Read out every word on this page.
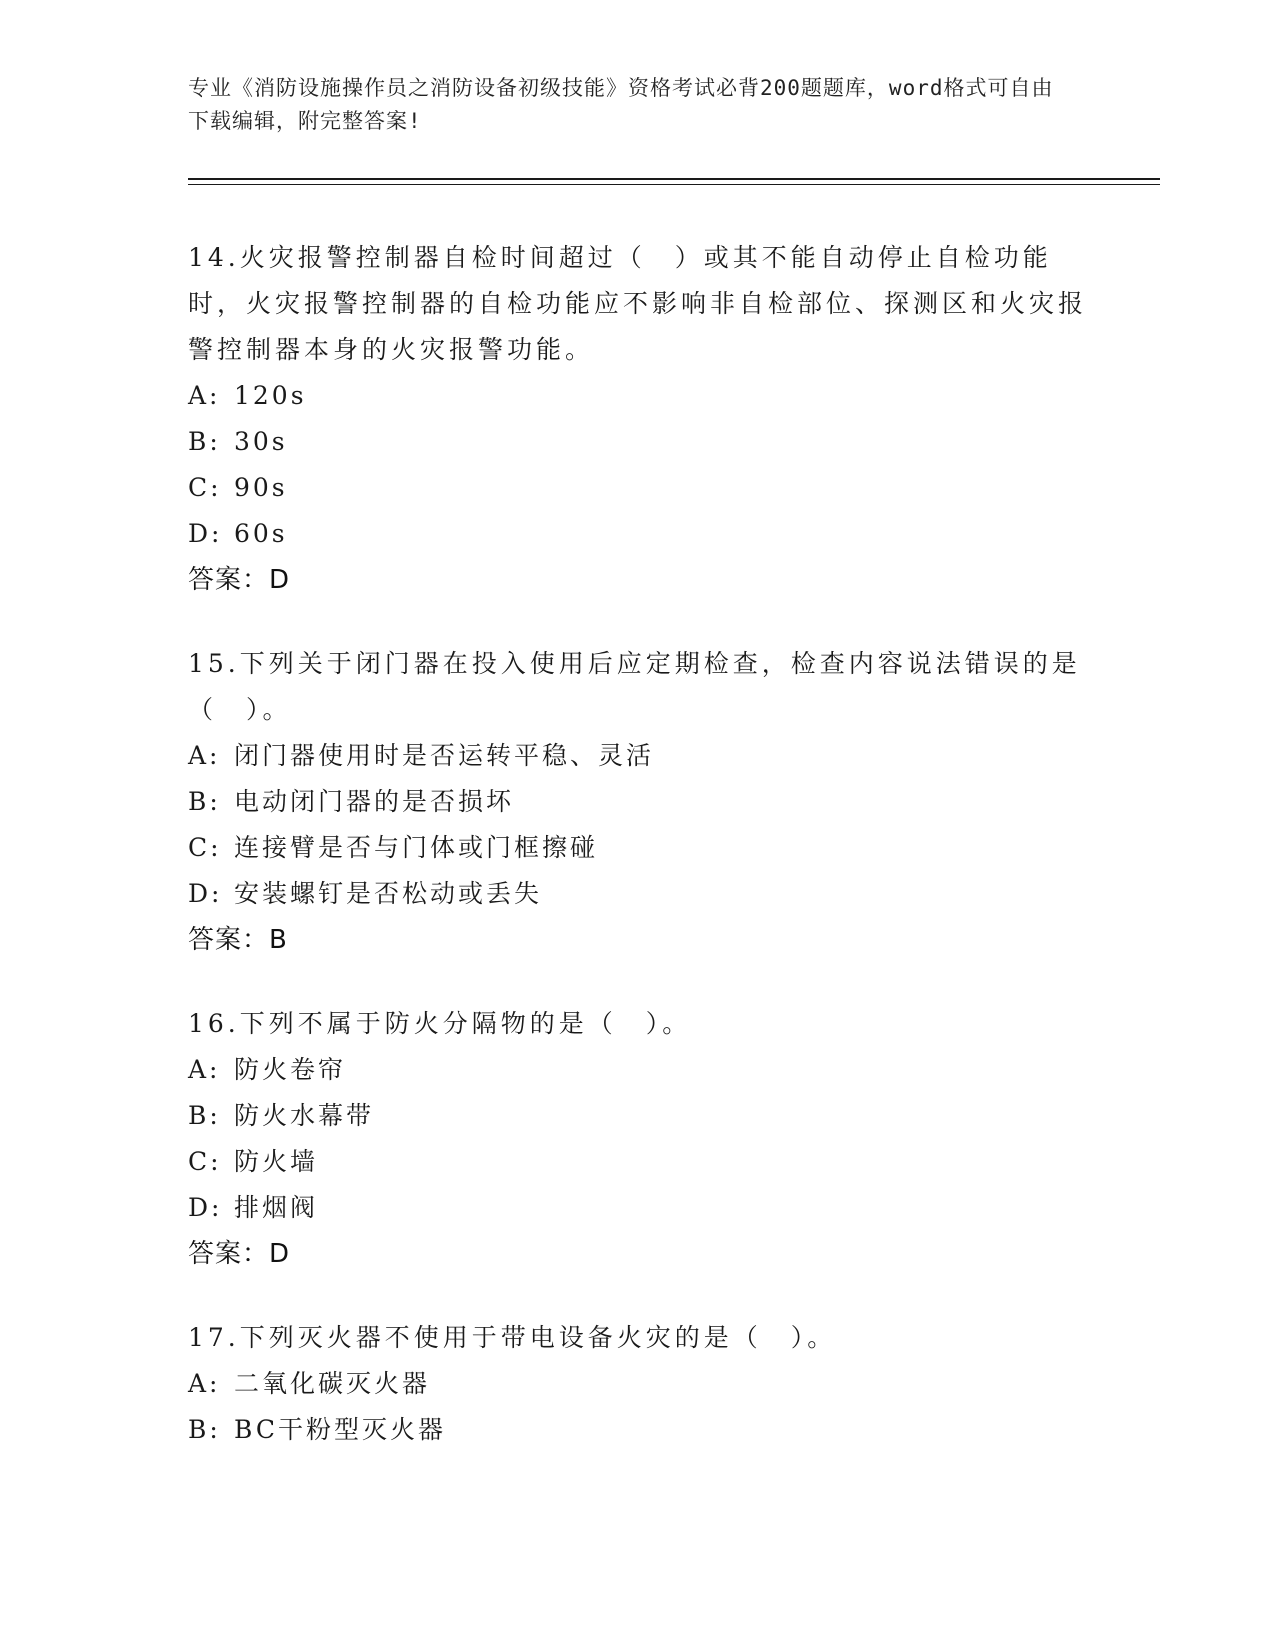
专业《消防设施操作员之消防设备初级技能》资格考试必背200题题库，word格式可自由下载编辑，附完整答案!
14.火灾报警控制器自检时间超过（　）或其不能自动停止自检功能时，火灾报警控制器的自检功能应不影响非自检部位、探测区和火灾报警控制器本身的火灾报警功能。
A: 120s
B: 30s
C: 90s
D: 60s
答案：D
15.下列关于闭门器在投入使用后应定期检查，检查内容说法错误的是（　）。
A: 闭门器使用时是否运转平稳、灵活
B: 电动闭门器的是否损坏
C: 连接臂是否与门体或门框擦碰
D: 安装螺钉是否松动或丢失
答案：B
16.下列不属于防火分隔物的是（　）。
A: 防火卷帘
B: 防火水幕带
C: 防火墙
D: 排烟阀
答案：D
17.下列灭火器不使用于带电设备火灾的是（　）。
A: 二氧化碳灭火器
B: BC干粉型灭火器
